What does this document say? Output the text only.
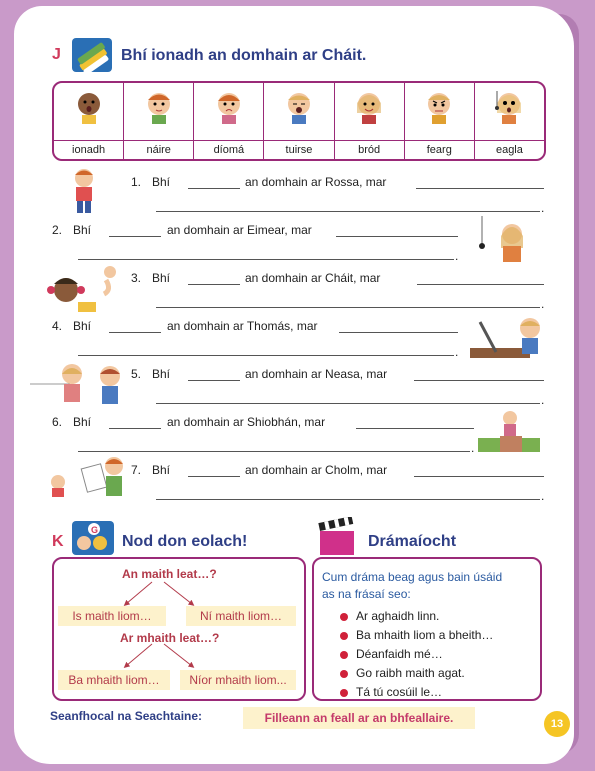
J	Bhí ionadh an domhain ar Cháit.
ionadh	náire	díomá	tuirse	bród	fearg	eagla
1. Bhí	an domhain ar Rossa, mar
.
2. Bhí	an domhain ar Eimear, mar
.
3. Bhí	an domhain ar Cháit, mar
.
4. Bhí	an domhain ar Thomás, mar
.
5. Bhí	an domhain ar Neasa, mar
.
6. Bhí	an domhain ar Shiobhán, mar
.
7. Bhí	an domhain ar Cholm, mar
.
K
G
Nod don eolach!	Drámaíocht
An maith leat…?
Is maith liom…	Ní maith liom…
Ar mhaith leat…?
Ba mhaith liom…	Níor mhaith liom...
Cum dráma beag agus bain úsáid
as na frásaí seo:
Ar aghaidh linn.
Ba mhaith liom a bheith…
Déanfaidh mé…
Go raibh maith agat.
Tá tú cosúil le…
Seanfhocal na Seachtaine:	Filleann an feall ar an bhfeallaire.	13
